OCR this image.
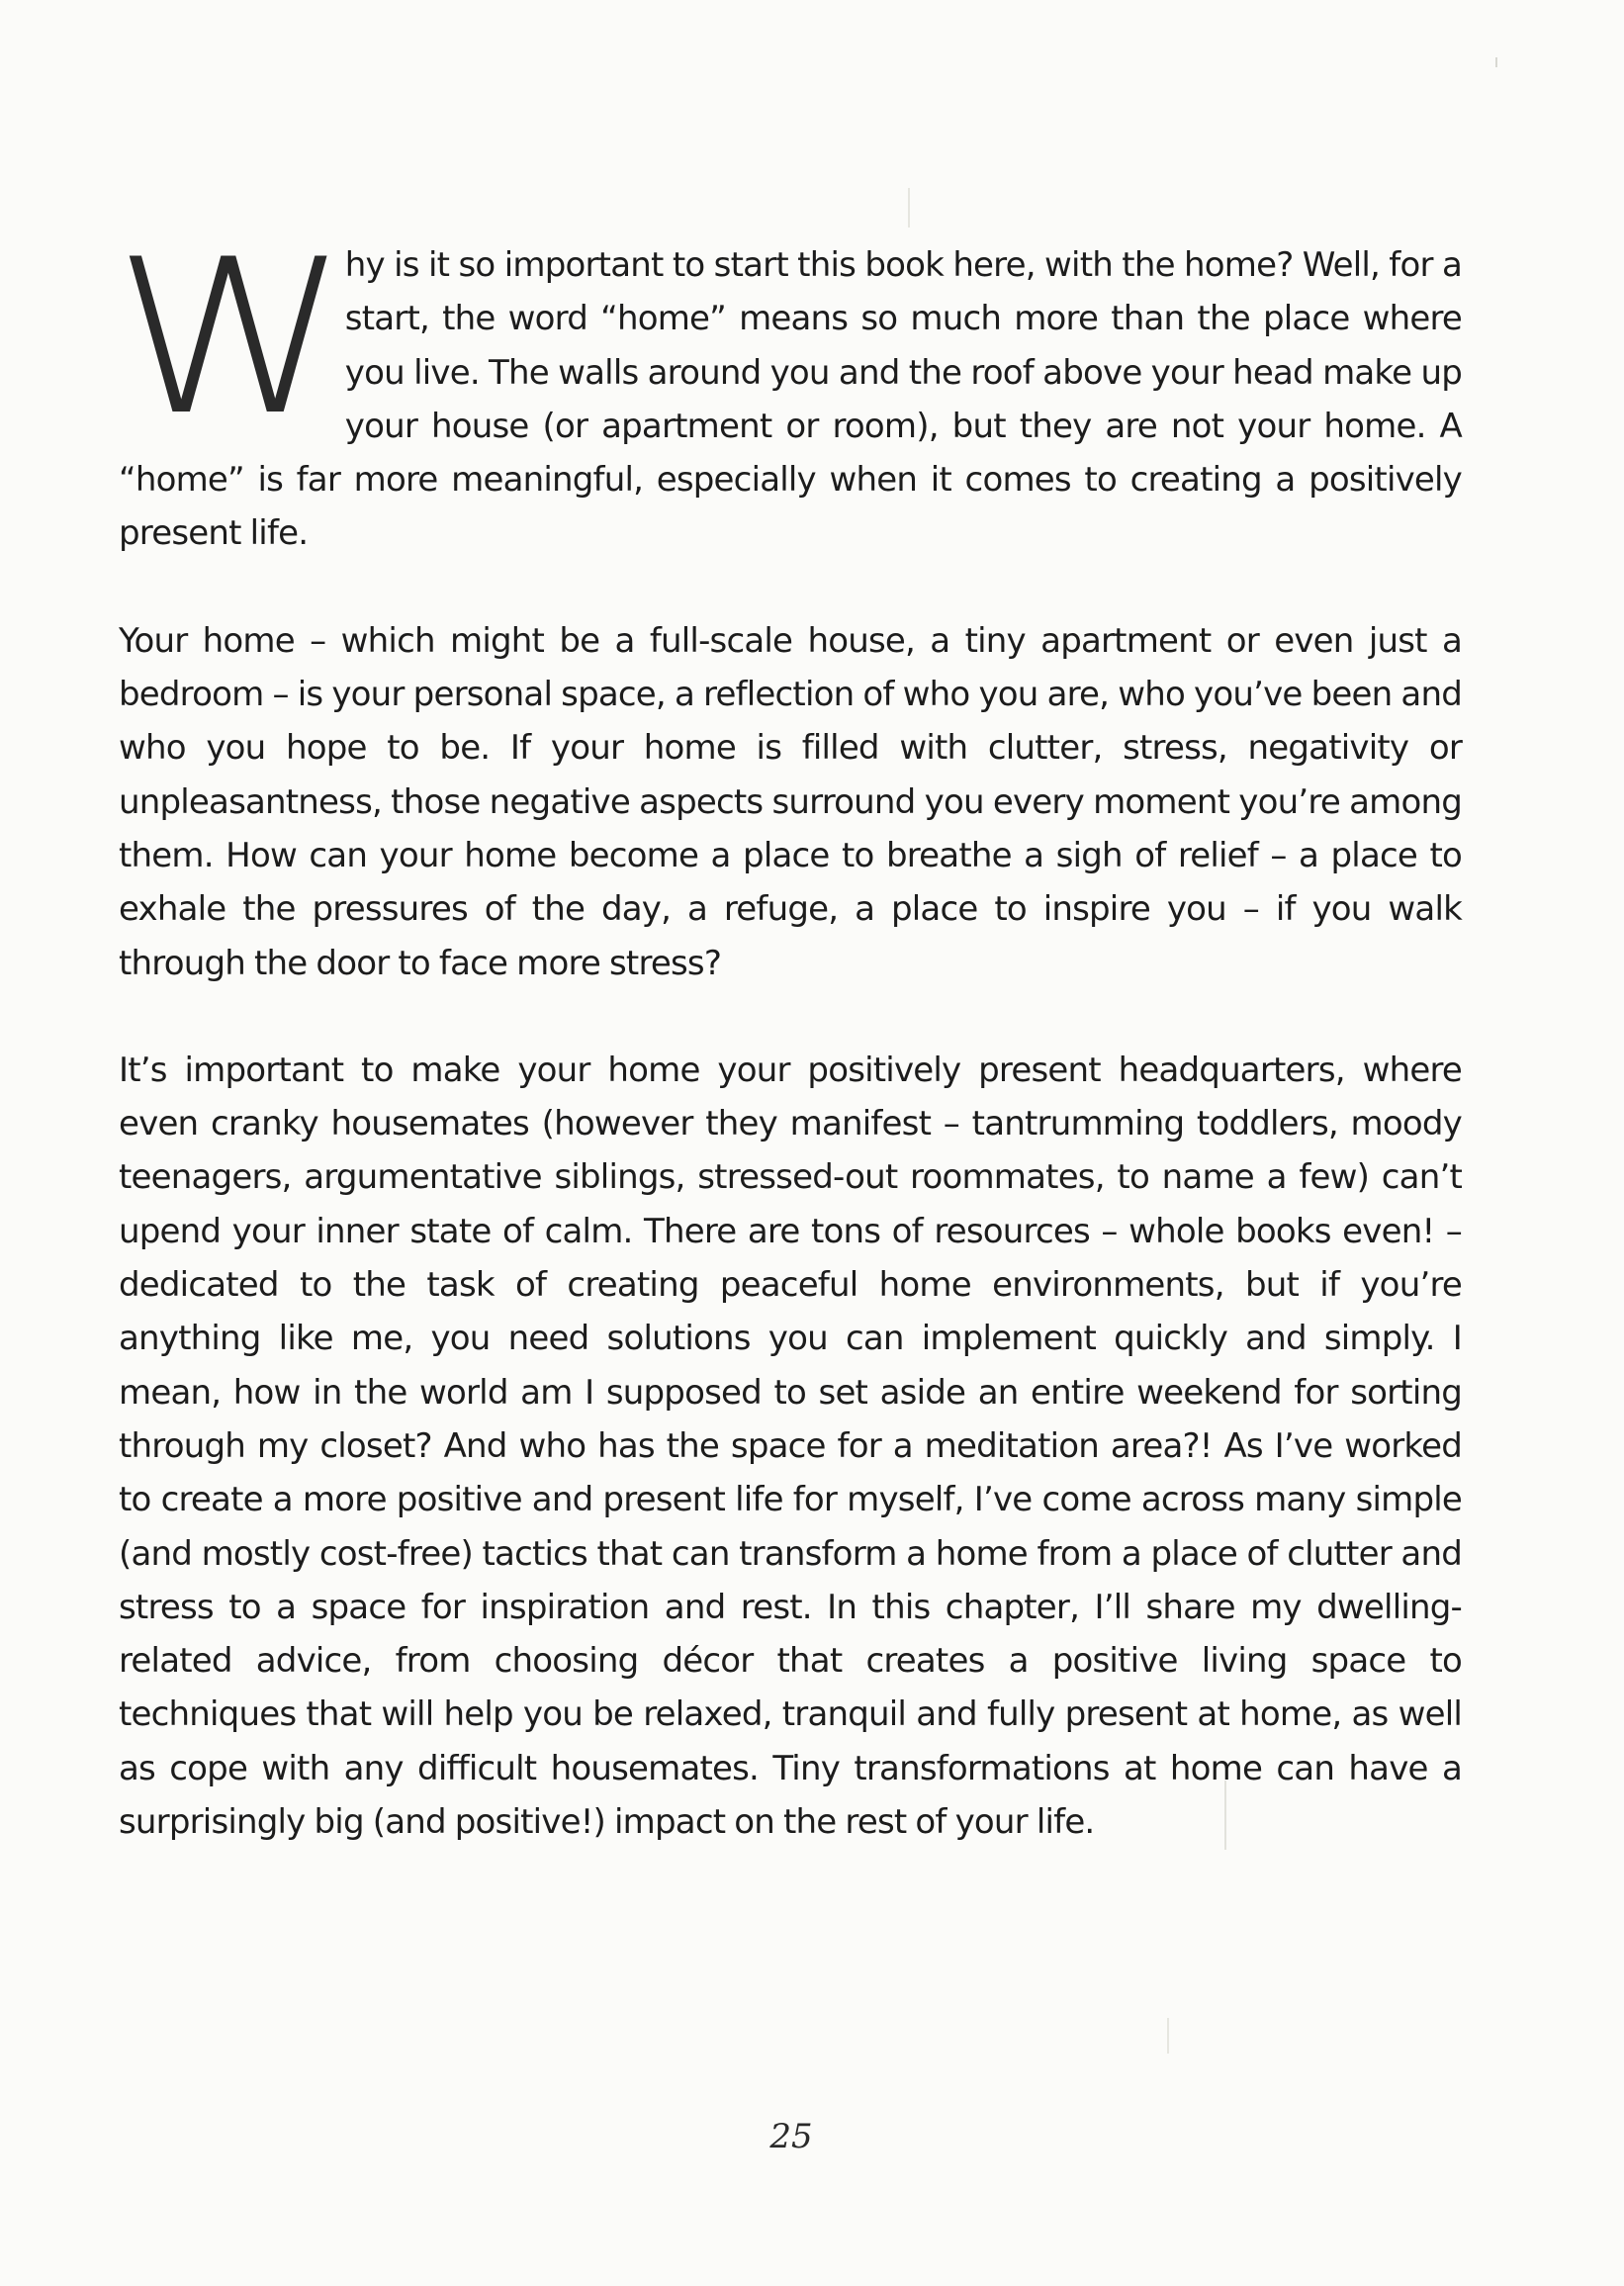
W
hy is it so important to start this book here, with the home? Well, for a start, the word “home” means so much more than the place where you live. The walls around you and the roof above your head make up your house (or apartment or room), but they are not your home. A “home” is far more meaningful, especially when it comes to creating a positively present life.

Your home – which might be a full-scale house, a tiny apartment or even just a bedroom – is your personal space, a reflection of who you are, who you’ve been and who you hope to be. If your home is filled with clutter, stress, negativity or unpleasantness, those negative aspects surround you every moment you’re among them. How can your home become a place to breathe a sigh of relief – a place to exhale the pressures of the day, a refuge, a place to inspire you – if you walk through the door to face more stress?

It’s important to make your home your positively present headquarters, where even cranky housemates (however they manifest – tantrumming toddlers, moody teenagers, argumentative siblings, stressed-out roommates, to name a few) can’t upend your inner state of calm. There are tons of resources – whole books even! – dedicated to the task of creating peaceful home environments, but if you’re anything like me, you need solutions you can implement quickly and simply. I mean, how in the world am I supposed to set aside an entire weekend for sorting through my closet? And who has the space for a meditation area?! As I’ve worked to create a more positive and present life for myself, I’ve come across many simple (and mostly cost-free) tactics that can transform a home from a place of clutter and stress to a space for inspiration and rest. In this chapter, I’ll share my dwelling-related advice, from choosing décor that creates a positive living space to techniques that will help you be relaxed, tranquil and fully present at home, as well as cope with any difficult housemates. Tiny transformations at home can have a surprisingly big (and positive!) impact on the rest of your life.

25
